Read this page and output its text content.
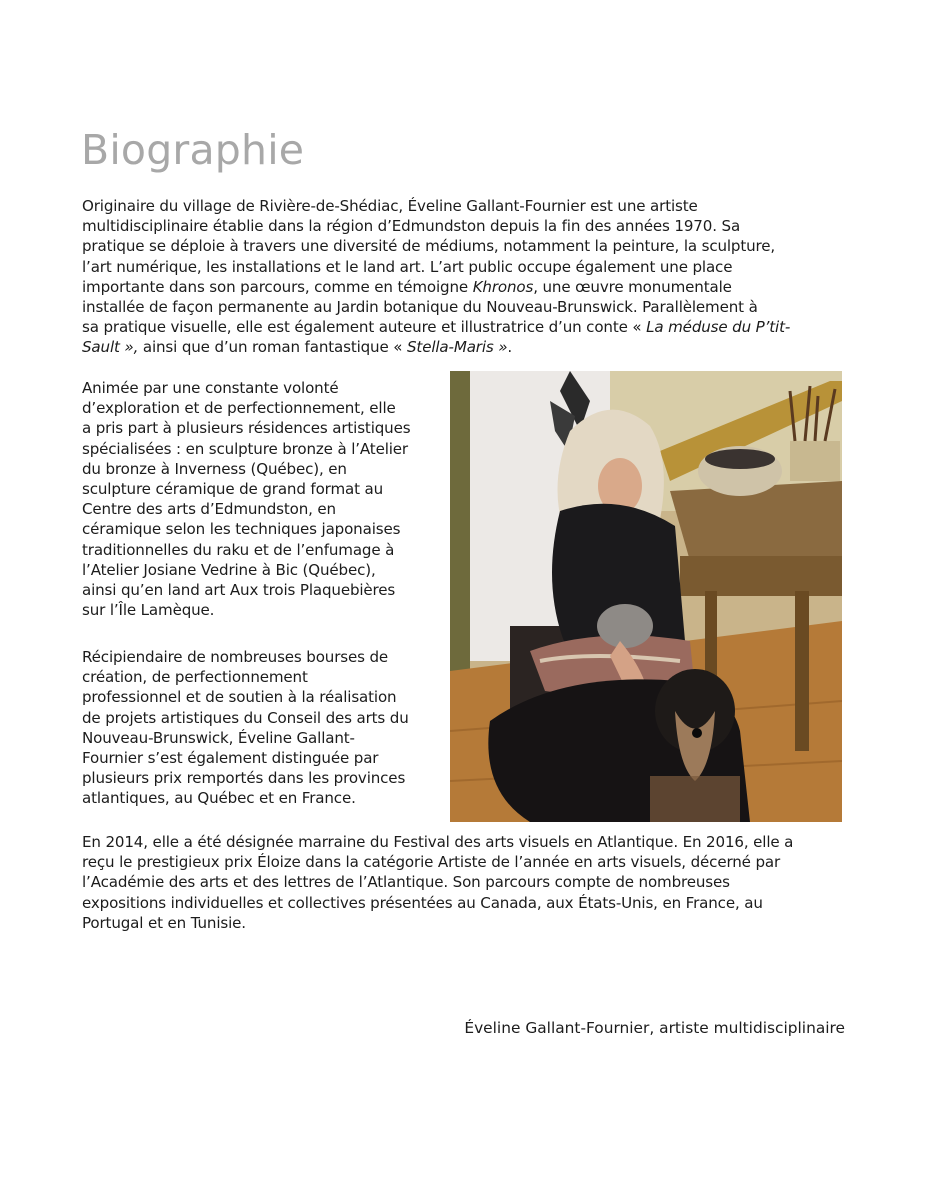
Biographie

Originaire du village de Rivière-de-Shédiac, Éveline Gallant-Fournier est une artiste
multidisciplinaire établie dans la région d’Edmundston depuis la fin des années 1970. Sa
pratique se déploie à travers une diversité de médiums, notamment la peinture, la sculpture,
l’art numérique, les installations et le land art. L’art public occupe également une place
importante dans son parcours, comme en témoigne Khronos, une œuvre monumentale
installée de façon permanente au Jardin botanique du Nouveau-Brunswick. Parallèlement à
sa pratique visuelle, elle est également auteure et illustratrice d’un conte « La méduse du P’tit-
Sault », ainsi que d’un roman fantastique « Stella-Maris ».

Animée par une constante volonté
d’exploration et de perfectionnement, elle
a pris part à plusieurs résidences artistiques
spécialisées : en sculpture bronze à l’Atelier
du bronze à Inverness (Québec), en
sculpture céramique de grand format au
Centre des arts d’Edmundston, en
céramique selon les techniques japonaises
traditionnelles du raku et de l’enfumage à
l’Atelier Josiane Vedrine à Bic (Québec),
ainsi qu’en land art Aux trois Plaquebières
sur l’Île Lamèque.

Récipiendaire de nombreuses bourses de
création, de perfectionnement
professionnel et de soutien à la réalisation
de projets artistiques du Conseil des arts du
Nouveau-Brunswick, Éveline Gallant-
Fournier s’est également distinguée par
plusieurs prix remportés dans les provinces
atlantiques, au Québec et en France.

En 2014, elle a été désignée marraine du Festival des arts visuels en Atlantique. En 2016, elle a
reçu le prestigieux prix Éloize dans la catégorie Artiste de l’année en arts visuels, décerné par
l’Académie des arts et des lettres de l’Atlantique. Son parcours compte de nombreuses
expositions individuelles et collectives présentées au Canada, aux États-Unis, en France, au
Portugal et en Tunisie.

Éveline Gallant-Fournier, artiste multidisciplinaire
